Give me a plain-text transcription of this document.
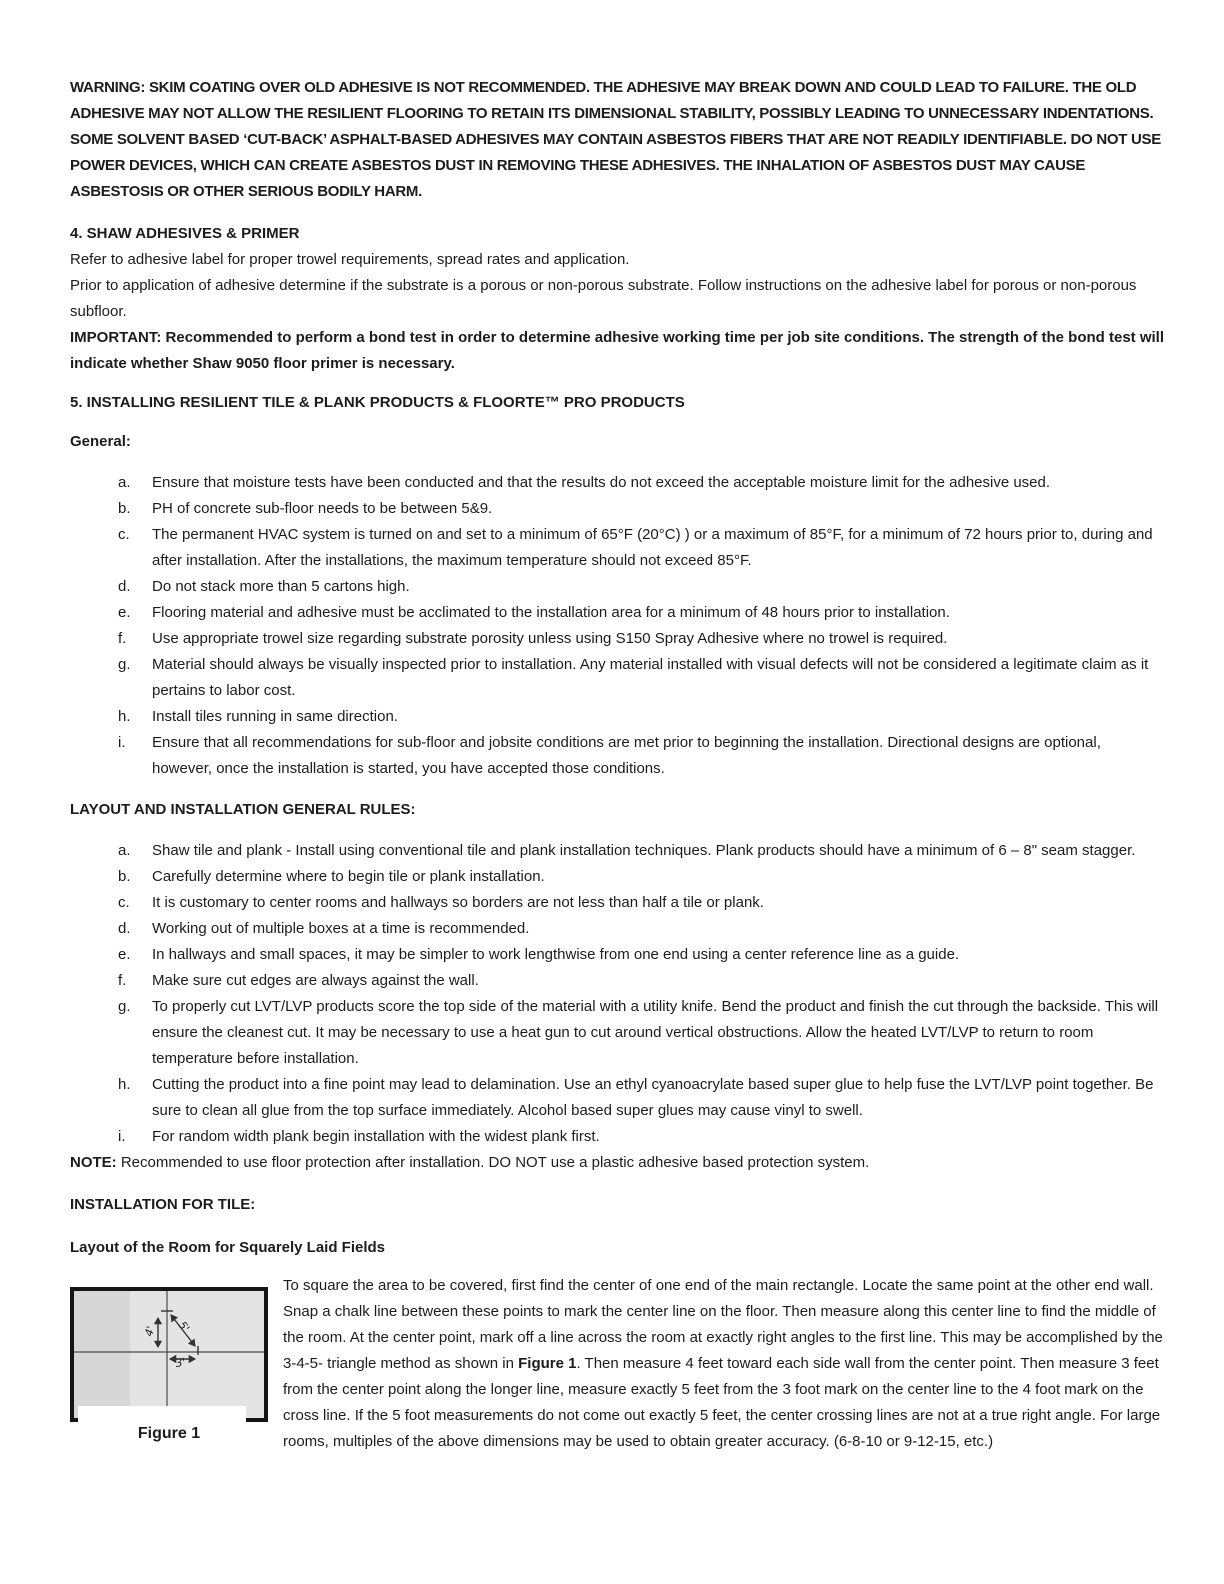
WARNING: SKIM COATING OVER OLD ADHESIVE IS NOT RECOMMENDED. THE ADHESIVE MAY BREAK DOWN AND COULD LEAD TO FAILURE. THE OLD ADHESIVE MAY NOT ALLOW THE RESILIENT FLOORING TO RETAIN ITS DIMENSIONAL STABILITY, POSSIBLY LEADING TO UNNECESSARY INDENTATIONS. SOME SOLVENT BASED ‘CUT-BACK’ ASPHALT-BASED ADHESIVES MAY CONTAIN ASBESTOS FIBERS THAT ARE NOT READILY IDENTIFIABLE. DO NOT USE POWER DEVICES, WHICH CAN CREATE ASBESTOS DUST IN REMOVING THESE ADHESIVES. THE INHALATION OF ASBESTOS DUST MAY CAUSE ASBESTOSIS OR OTHER SERIOUS BODILY HARM.

4. SHAW ADHESIVES & PRIMER

Refer to adhesive label for proper trowel requirements, spread rates and application.

Prior to application of adhesive determine if the substrate is a porous or non-porous substrate. Follow instructions on the adhesive label for porous or non-porous subfloor.

IMPORTANT: Recommended to perform a bond test in order to determine adhesive working time per job site conditions. The strength of the bond test will indicate whether Shaw 9050 floor primer is necessary.

5. INSTALLING RESILIENT TILE & PLANK PRODUCTS & FLOORTE™ PRO PRODUCTS

General:

a.	Ensure that moisture tests have been conducted and that the results do not exceed the acceptable moisture limit for the adhesive used.
b.	PH of concrete sub-floor needs to be between 5&9.
c.	The permanent HVAC system is turned on and set to a minimum of 65°F (20°C) ) or a maximum of 85°F, for a minimum of 72 hours prior to, during and after installation. After the installations, the maximum temperature should not exceed 85°F.
d.	Do not stack more than 5 cartons high.
e.	Flooring material and adhesive must be acclimated to the installation area for a minimum of 48 hours prior to installation.
f.	Use appropriate trowel size regarding substrate porosity unless using S150 Spray Adhesive where no trowel is required.
g.	Material should always be visually inspected prior to installation. Any material installed with visual defects will not be considered a legitimate claim as it pertains to labor cost.
h.	Install tiles running in same direction.
i.	Ensure that all recommendations for sub-floor and jobsite conditions are met prior to beginning the installation. Directional designs are optional, however, once the installation is started, you have accepted those conditions.

LAYOUT AND INSTALLATION GENERAL RULES:

a.	Shaw tile and plank - Install using conventional tile and plank installation techniques. Plank products should have a minimum of 6 – 8" seam stagger.
b.	Carefully determine where to begin tile or plank installation.
c.	It is customary to center rooms and hallways so borders are not less than half a tile or plank.
d.	Working out of multiple boxes at a time is recommended.
e.	In hallways and small spaces, it may be simpler to work lengthwise from one end using a center reference line as a guide.
f.	Make sure cut edges are always against the wall.
g.	To properly cut LVT/LVP products score the top side of the material with a utility knife. Bend the product and finish the cut through the backside. This will ensure the cleanest cut. It may be necessary to use a heat gun to cut around vertical obstructions. Allow the heated LVT/LVP to return to room temperature before installation.
h.	Cutting the product into a fine point may lead to delamination. Use an ethyl cyanoacrylate based super glue to help fuse the LVT/LVP point together. Be sure to clean all glue from the top surface immediately. Alcohol based super glues may cause vinyl to swell.
i.	For random width plank begin installation with the widest plank first.

NOTE: Recommended to use floor protection after installation. DO NOT use a plastic adhesive based protection system.

INSTALLATION FOR TILE:

Layout of the Room for Squarely Laid Fields

4' 5'
3'
Figure 1

To square the area to be covered, first find the center of one end of the main rectangle. Locate the same point at the other end wall. Snap a chalk line between these points to mark the center line on the floor. Then measure along this center line to find the middle of the room. At the center point, mark off a line across the room at exactly right angles to the first line. This may be accomplished by the 3-4-5- triangle method as shown in Figure 1. Then measure 4 feet toward each side wall from the center point. Then measure 3 feet from the center point along the longer line, measure exactly 5 feet from the 3 foot mark on the center line to the 4 foot mark on the cross line. If the 5 foot measurements do not come out exactly 5 feet, the center crossing lines are not at a true right angle. For large rooms, multiples of the above dimensions may be used to obtain greater accuracy. (6-8-10 or 9-12-15, etc.)
